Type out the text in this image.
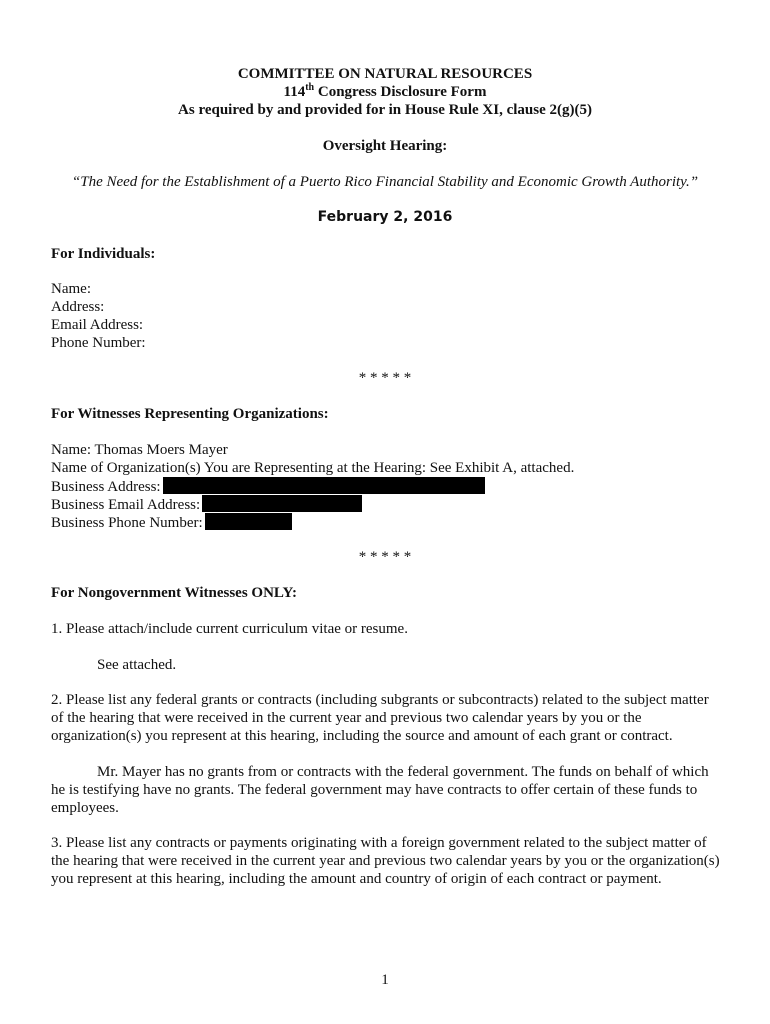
COMMITTEE ON NATURAL RESOURCES
114th Congress Disclosure Form
As required by and provided for in House Rule XI, clause 2(g)(5)
Oversight Hearing:
“The Need for the Establishment of a Puerto Rico Financial Stability and Economic Growth Authority.”
February 2, 2016
For Individuals:
Name:
Address:
Email Address:
Phone Number:
* * * * *
For Witnesses Representing Organizations:
Name: Thomas Moers Mayer
Name of Organization(s) You are Representing at the Hearing: See Exhibit A, attached.
Business Address:
Business Email Address:
Business Phone Number:
* * * * *
For Nongovernment Witnesses ONLY:
1. Please attach/include current curriculum vitae or resume.
See attached.
2. Please list any federal grants or contracts (including subgrants or subcontracts) related to the subject matter of the hearing that were received in the current year and previous two calendar years by you or the organization(s) you represent at this hearing, including the source and amount of each grant or contract.
Mr. Mayer has no grants from or contracts with the federal government. The funds on behalf of which he is testifying have no grants. The federal government may have contracts to offer certain of these funds to employees.
3. Please list any contracts or payments originating with a foreign government related to the subject matter of the hearing that were received in the current year and previous two calendar years by you or the organization(s) you represent at this hearing, including the amount and country of origin of each contract or payment.
1
